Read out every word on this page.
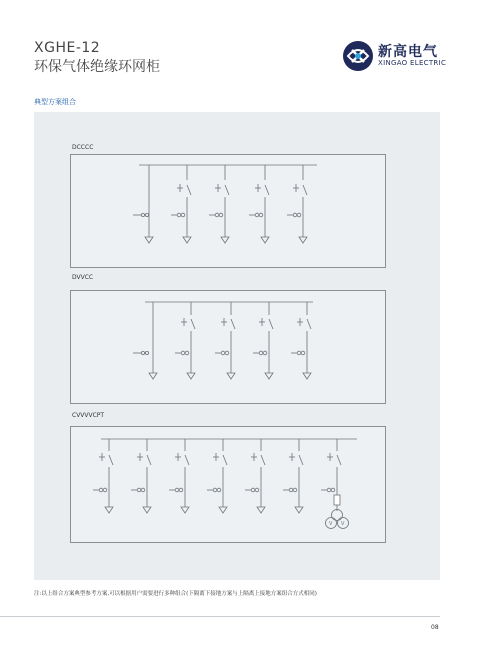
XGHE-12
环保气体绝缘环网柜
新高电气
XINGAO ELECTRIC
典型方案组合
DCCCC
DVVCC
CVVVVCPT
V V
注:以上组合方案典型参考方案,可以根据用户需要进行多种组合(下隔离下接地方案与上隔离上接地方案组合方式相同)
08
